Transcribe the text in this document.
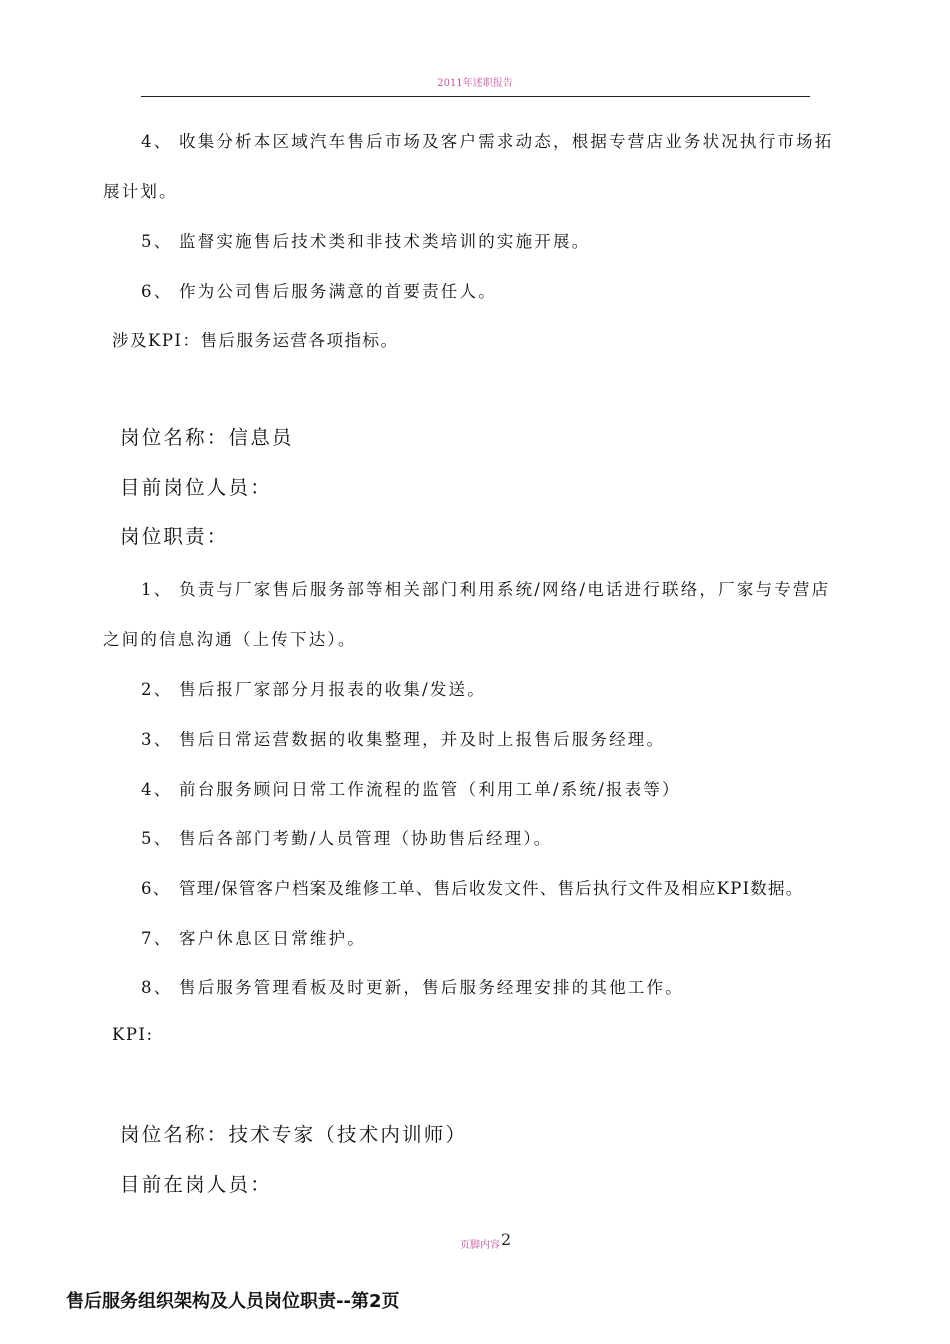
2011年述职报告
4、 收集分析本区域汽车售后市场及客户需求动态，根据专营店业务状况执行市场拓
展计划。
5、 监督实施售后技术类和非技术类培训的实施开展。
6、 作为公司售后服务满意的首要责任人。
涉及KPI：售后服务运营各项指标。
岗位名称：信息员
目前岗位人员：
岗位职责：
1、 负责与厂家售后服务部等相关部门利用系统/网络/电话进行联络，厂家与专营店
之间的信息沟通（上传下达）。
2、 售后报厂家部分月报表的收集/发送。
3、 售后日常运营数据的收集整理，并及时上报售后服务经理。
4、 前台服务顾问日常工作流程的监管（利用工单/系统/报表等）
5、 售后各部门考勤/人员管理（协助售后经理）。
6、 管理/保管客户档案及维修工单、售后收发文件、售后执行文件及相应KPI数据。
7、 客户休息区日常维护。
8、 售后服务管理看板及时更新，售后服务经理安排的其他工作。
KPI:
岗位名称：技术专家（技术内训师）
目前在岗人员：
页脚内容2
售后服务组织架构及人员岗位职责--第2页
